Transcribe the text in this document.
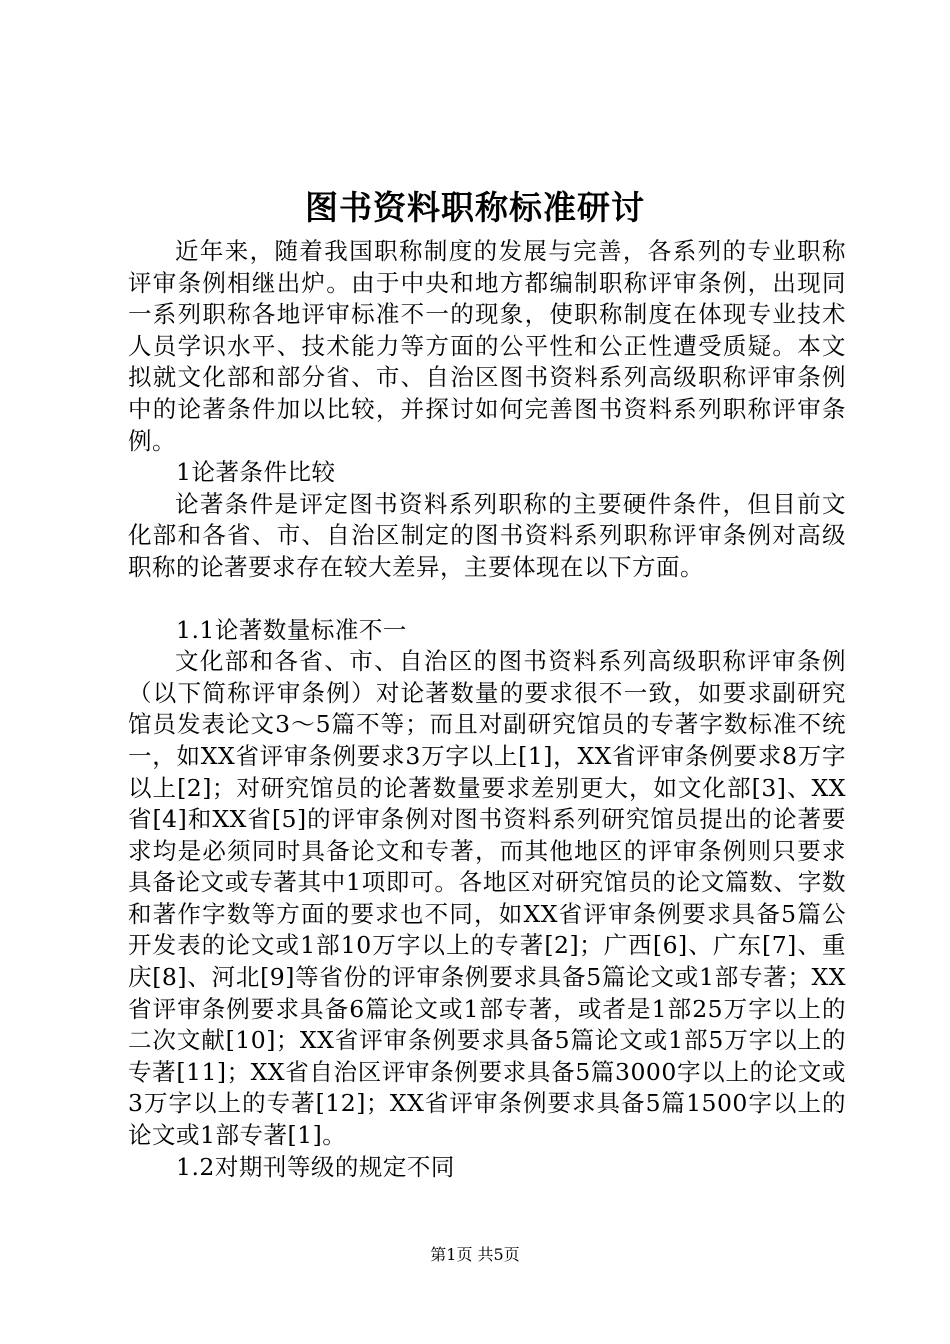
图书资料职称标准研讨

近年来，随着我国职称制度的发展与完善，各系列的专业职称评审条例相继出炉。由于中央和地方都编制职称评审条例，出现同一系列职称各地评审标准不一的现象，使职称制度在体现专业技术人员学识水平、技术能力等方面的公平性和公正性遭受质疑。本文拟就文化部和部分省、市、自治区图书资料系列高级职称评审条例中的论著条件加以比较，并探讨如何完善图书资料系列职称评审条例。

1论著条件比较

论著条件是评定图书资料系列职称的主要硬件条件，但目前文化部和各省、市、自治区制定的图书资料系列职称评审条例对高级职称的论著要求存在较大差异，主要体现在以下方面。

1.1论著数量标准不一

文化部和各省、市、自治区的图书资料系列高级职称评审条例（以下简称评审条例）对论著数量的要求很不一致，如要求副研究馆员发表论文3～5篇不等；而且对副研究馆员的专著字数标准不统一，如XX省评审条例要求3万字以上[1]，XX省评审条例要求8万字以上[2]；对研究馆员的论著数量要求差别更大，如文化部[3]、XX省[4]和XX省[5]的评审条例对图书资料系列研究馆员提出的论著要求均是必须同时具备论文和专著，而其他地区的评审条例则只要求具备论文或专著其中1项即可。各地区对研究馆员的论文篇数、字数和著作字数等方面的要求也不同，如XX省评审条例要求具备5篇公开发表的论文或1部10万字以上的专著[2]；广西[6]、广东[7]、重庆[8]、河北[9]等省份的评审条例要求具备5篇论文或1部专著；XX省评审条例要求具备6篇论文或1部专著，或者是1部25万字以上的二次文献[10]；XX省评审条例要求具备5篇论文或1部5万字以上的专著[11]；XX省自治区评审条例要求具备5篇3000字以上的论文或3万字以上的专著[12]；XX省评审条例要求具备5篇1500字以上的论文或1部专著[1]。

1.2对期刊等级的规定不同

第1页 共5页
